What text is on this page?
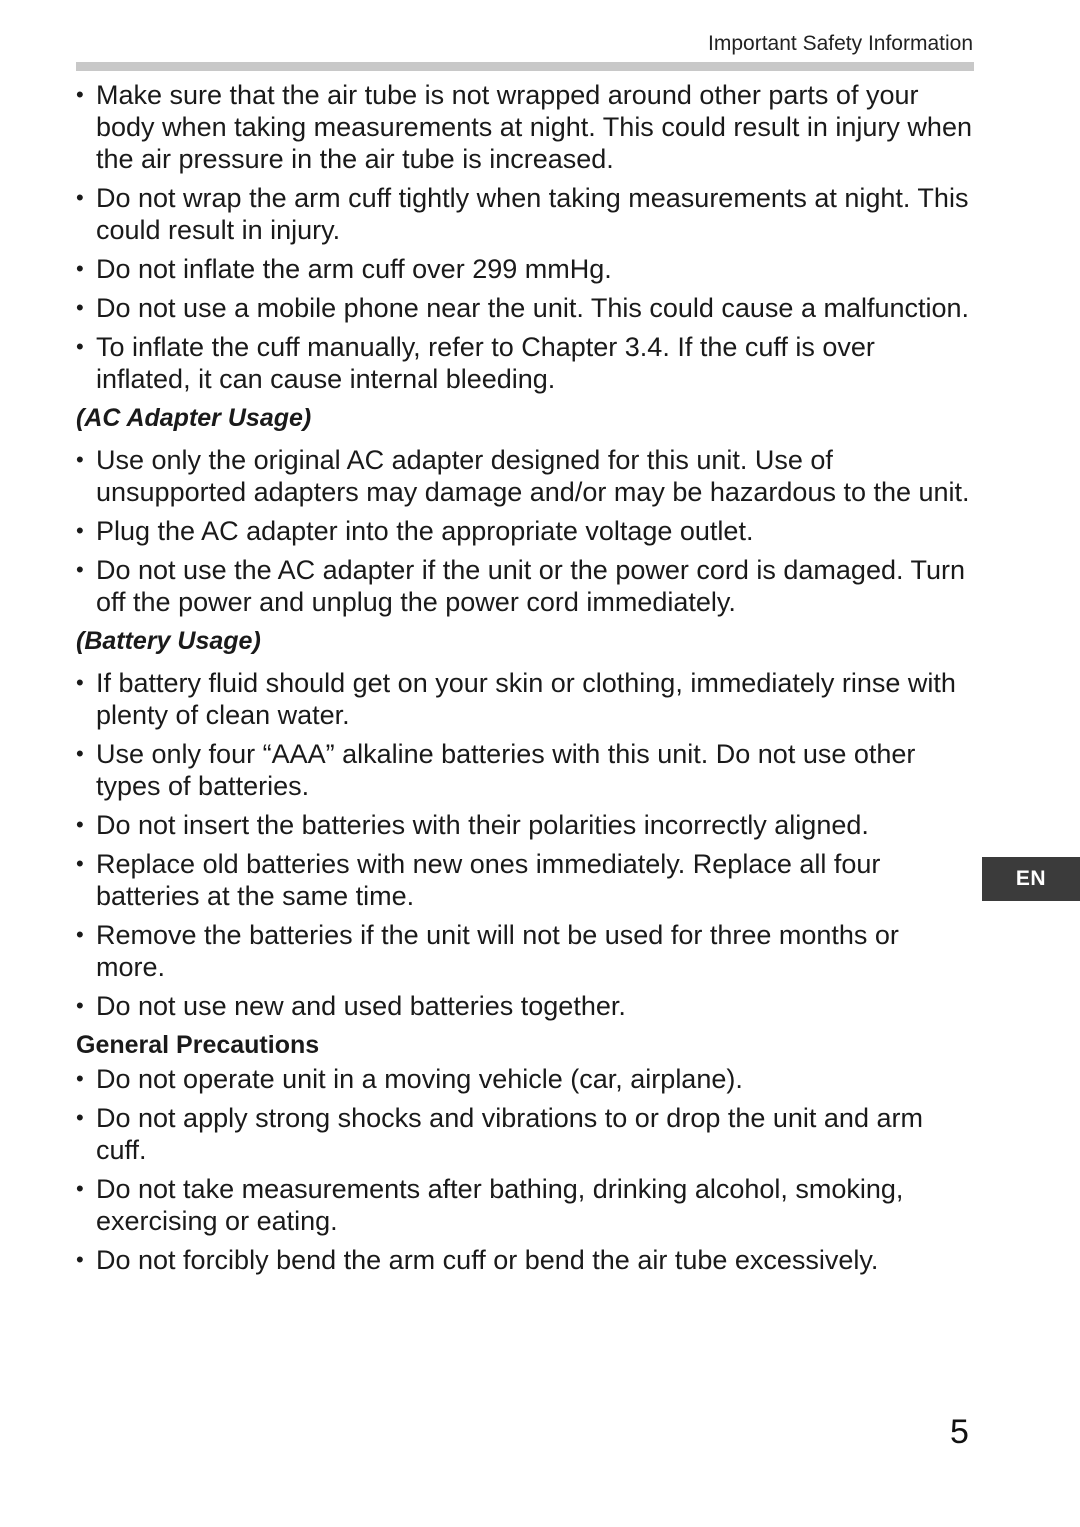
Important Safety Information
• Make sure that the air tube is not wrapped around other parts of your body when taking measurements at night. This could result in injury when the air pressure in the air tube is increased.
• Do not wrap the arm cuff tightly when taking measurements at night. This could result in injury.
• Do not inflate the arm cuff over 299 mmHg.
• Do not use a mobile phone near the unit. This could cause a malfunction.
• To inflate the cuff manually, refer to Chapter 3.4. If the cuff is over inflated, it can cause internal bleeding.
(AC Adapter Usage)
• Use only the original AC adapter designed for this unit. Use of unsupported adapters may damage and/or may be hazardous to the unit.
• Plug the AC adapter into the appropriate voltage outlet.
• Do not use the AC adapter if the unit or the power cord is damaged. Turn off the power and unplug the power cord immediately.
(Battery Usage)
• If battery fluid should get on your skin or clothing, immediately rinse with plenty of clean water.
• Use only four “AAA” alkaline batteries with this unit. Do not use other types of batteries.
• Do not insert the batteries with their polarities incorrectly aligned.
• Replace old batteries with new ones immediately. Replace all four batteries at the same time.
• Remove the batteries if the unit will not be used for three months or more.
• Do not use new and used batteries together.
General Precautions
• Do not operate unit in a moving vehicle (car, airplane).
• Do not apply strong shocks and vibrations to or drop the unit and arm cuff.
• Do not take measurements after bathing, drinking alcohol, smoking, exercising or eating.
• Do not forcibly bend the arm cuff or bend the air tube excessively.
EN
5
